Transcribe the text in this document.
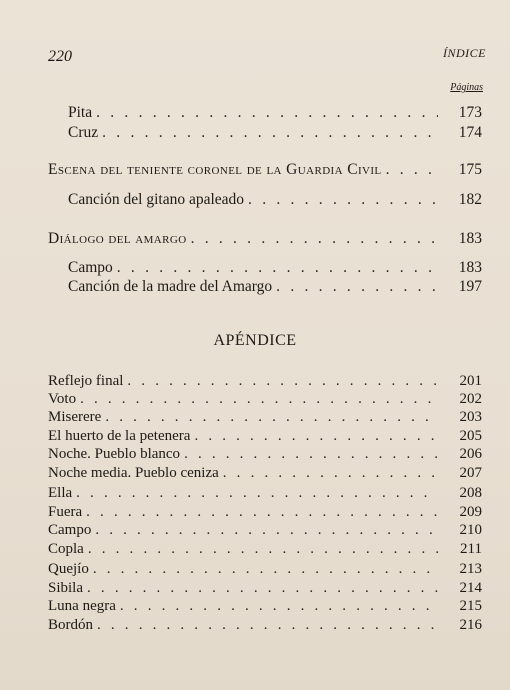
220	ÍNDICE
Páginas
Pita . . .	173
Cruz . . .	174
Escena del teniente coronel de la Guardia Civil . . .	175
Canción del gitano apaleado . . .	182
Diálogo del amargo . . .	183
Campo . . .	183
Canción de la madre del Amargo . . .	197
APÉNDICE
Reflejo final . . .	201
Voto . . .	202
Miserere . . .	203
El huerto de la petenera . . .	205
Noche. Pueblo blanco . . .	206
Noche media. Pueblo ceniza . . .	207
Ella . . .	208
Fuera . . .	209
Campo . . .	210
Copla . . .	211
Quejío . . .	213
Sibila . . .	214
Luna negra . . .	215
Bordón . . .	216
